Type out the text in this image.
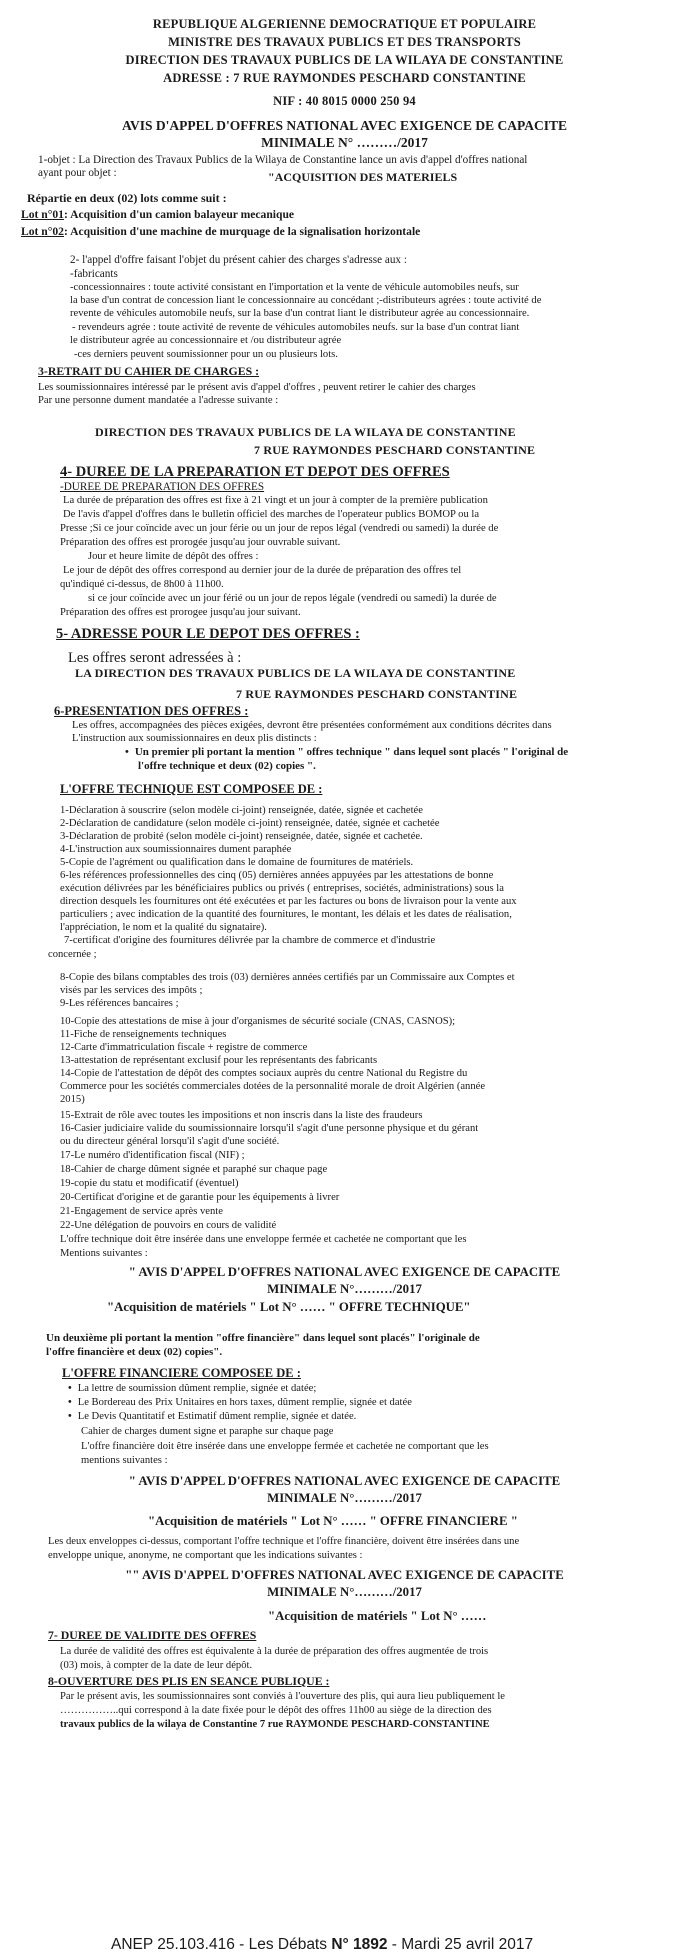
REPUBLIQUE ALGERIENNE DEMOCRATIQUE ET POPULAIRE
MINISTRE DES TRAVAUX PUBLICS ET DES TRANSPORTS
DIRECTION DES TRAVAUX PUBLICS DE LA WILAYA DE CONSTANTINE
ADRESSE : 7 RUE RAYMONDES PESCHARD CONSTANTINE
NIF : 40 8015 0000 250 94
AVIS D'APPEL D'OFFRES NATIONAL AVEC EXIGENCE DE CAPACITE
MINIMALE N° ………/2017
1-objet : La Direction des Travaux Publics de la Wilaya de Constantine lance un avis d'appel d'offres national
ayant pour objet :	"ACQUISITION DES MATERIELS
Répartie en deux (02) lots comme suit :
Lot n°01: Acquisition d'un camion balayeur mecanique
Lot n°02: Acquisition d'une machine de murquage de la signalisation horizontale
2- l'appel d'offre faisant l'objet du présent cahier des charges s'adresse aux :
-fabricants
-concessionnaires : toute activité consistant en l'importation et la vente de véhicule automobiles neufs, sur
la base d'un contrat de concession liant le concessionnaire au concédant ;-distributeurs agrées : toute activité de
revente de véhicules automobile neufs, sur la base d'un contrat liant le distributeur agrée au concessionnaire.
- revendeurs agrée : toute activité de revente de véhicules automobiles neufs. sur la base d'un contrat liant
le distributeur agrée au concessionnaire et /ou distributeur agrée
-ces derniers peuvent soumissionner pour un ou plusieurs lots.
3-RETRAIT DU CAHIER DE CHARGES :
Les soumissionnaires intéressé par le présent avis d'appel d'offres , peuvent retirer le cahier des charges
Par une personne dument mandatée a l'adresse suivante :
DIRECTION DES TRAVAUX PUBLICS DE LA WILAYA DE CONSTANTINE
7 RUE RAYMONDES PESCHARD CONSTANTINE
4- DUREE DE LA PREPARATION ET DEPOT DES OFFRES
-DUREE DE PREPARATION DES OFFRES
La durée de préparation des offres est fixe à 21 vingt et un jour à compter de la première publication
De l'avis d'appel d'offres dans le bulletin officiel des marches de l'operateur publics BOMOP ou la
Presse ;Si ce jour coïncide avec un jour férie ou un jour de repos légal (vendredi ou samedi) la durée de
Préparation des offres est prorogée jusqu'au jour ouvrable suivant.
Jour et heure limite de dépôt des offres :
Le jour de dépôt des offres correspond au dernier jour de la durée de préparation des offres tel
qu'indiqué ci-dessus, de 8h00 à 11h00.
si ce jour coïncide avec un jour férié ou un jour de repos légale (vendredi ou samedi) la durée de
Préparation des offres est prorogee jusqu'au jour suivant.
5- ADRESSE POUR LE DEPOT DES OFFRES :
Les offres seront adressées à :
LA DIRECTION DES TRAVAUX PUBLICS DE LA WILAYA DE CONSTANTINE
7 RUE RAYMONDES PESCHARD CONSTANTINE
6-PRESENTATION DES OFFRES :
Les offres, accompagnées des pièces exigées, devront être présentées conformément aux conditions décrites dans
L'instruction aux soumissionnaires en deux plis distincts :
• Un premier pli portant la mention " offres technique " dans lequel sont placés " l'original de
l'offre technique et deux (02) copies ".
L'OFFRE TECHNIQUE EST COMPOSEE DE :
1-Déclaration à souscrire (selon modèle ci-joint) renseignée, datée, signée et cachetée
2-Déclaration de candidature (selon modèle ci-joint) renseignée, datée, signée et cachetée
3-Déclaration de probité (selon modèle ci-joint) renseignée, datée, signée et cachetée.
4-L'instruction aux soumissionnaires dument paraphée
5-Copie de l'agrément ou qualification dans le domaine de fournitures de matériels.
6-les références professionnelles des cinq (05) dernières années appuyées par les attestations de bonne
exécution délivrées par les bénéficiaires publics ou privés ( entreprises, sociétés, administrations) sous la
direction desquels les fournitures ont été exécutées et par les factures ou bons de livraison pour la vente aux
particuliers ; avec indication de la quantité des fournitures, le montant, les délais et les dates de réalisation,
l'appréciation, le nom et la qualité du signataire).
7-certificat d'origine des fournitures délivrée par la chambre de commerce et d'industrie
concernée ;
8-Copie des bilans comptables des trois (03) dernières années certifiés par un Commissaire aux Comptes et
visés par les services des impôts ;
9-Les références bancaires ;
10-Copie des attestations de mise à jour d'organismes de sécurité sociale (CNAS, CASNOS);
11-Fiche de renseignements techniques
12-Carte d'immatriculation fiscale + registre de commerce
13-attestation de représentant exclusif pour les représentants des fabricants
14-Copie de l'attestation de dépôt des comptes sociaux auprès du centre National du Registre du
Commerce pour les sociétés commerciales dotées de la personnalité morale de droit Algérien (année
2015)
15-Extrait de rôle avec toutes les impositions et non inscris dans la liste des fraudeurs
16-Casier judiciaire valide du soumissionnaire lorsqu'il s'agit d'une personne physique et du gérant
ou du directeur général lorsqu'il s'agit d'une société.
17-Le numéro d'identification fiscal (NIF) ;
18-Cahier de charge dûment signée et paraphé sur chaque page
19-copie du statu et modificatif (éventuel)
20-Certificat d'origine et de garantie pour les équipements à livrer
21-Engagement de service après vente
22-Une délégation de pouvoirs en cours de validité
L'offre technique doit être insérée dans une enveloppe fermée et cachetée ne comportant que les
Mentions suivantes :
" AVIS D'APPEL D'OFFRES NATIONAL AVEC EXIGENCE DE CAPACITE
MINIMALE N°………/2017
"Acquisition de matériels " Lot N° …… " OFFRE TECHNIQUE"
Un deuxième pli portant la mention "offre financière" dans lequel sont placés" l'originale de
l'offre financière et deux (02) copies".
L'OFFRE FINANCIERE COMPOSEE DE :
• La lettre de soumission dûment remplie, signée et datée;
• Le Bordereau des Prix Unitaires en hors taxes, dûment remplie, signée et datée
• Le Devis Quantitatif et Estimatif dûment remplie, signée et datée.
Cahier de charges dument signe et paraphe sur chaque page
L'offre financière doit être insérée dans une enveloppe fermée et cachetée ne comportant que les
mentions suivantes :
" AVIS D'APPEL D'OFFRES NATIONAL AVEC EXIGENCE DE CAPACITE
MINIMALE N°………/2017
"Acquisition de matériels " Lot N° …… " OFFRE FINANCIERE "
Les deux enveloppes ci-dessus, comportant l'offre technique et l'offre financière, doivent être insérées dans une
enveloppe unique, anonyme, ne comportant que les indications suivantes :
"" AVIS D'APPEL D'OFFRES NATIONAL AVEC EXIGENCE DE CAPACITE
MINIMALE N°………/2017
"Acquisition de matériels " Lot N° ……
7- DUREE DE VALIDITE DES OFFRES
La durée de validité des offres est équivalente à la durée de préparation des offres augmentée de trois
(03) mois, à compter de la date de leur dépôt.
8-OUVERTURE DES PLIS EN SEANCE PUBLIQUE :
Par le présent avis, les soumissionnaires sont conviés à l'ouverture des plis, qui aura lieu publiquement le
……………..qui correspond à la date fixée pour le dépôt des offres 11h00 au siège de la direction des
travaux publics de la wilaya de Constantine 7 rue RAYMONDE PESCHARD-CONSTANTINE
ANEP 25.103.416 - Les Débats N° 1892 - Mardi 25 avril 2017
